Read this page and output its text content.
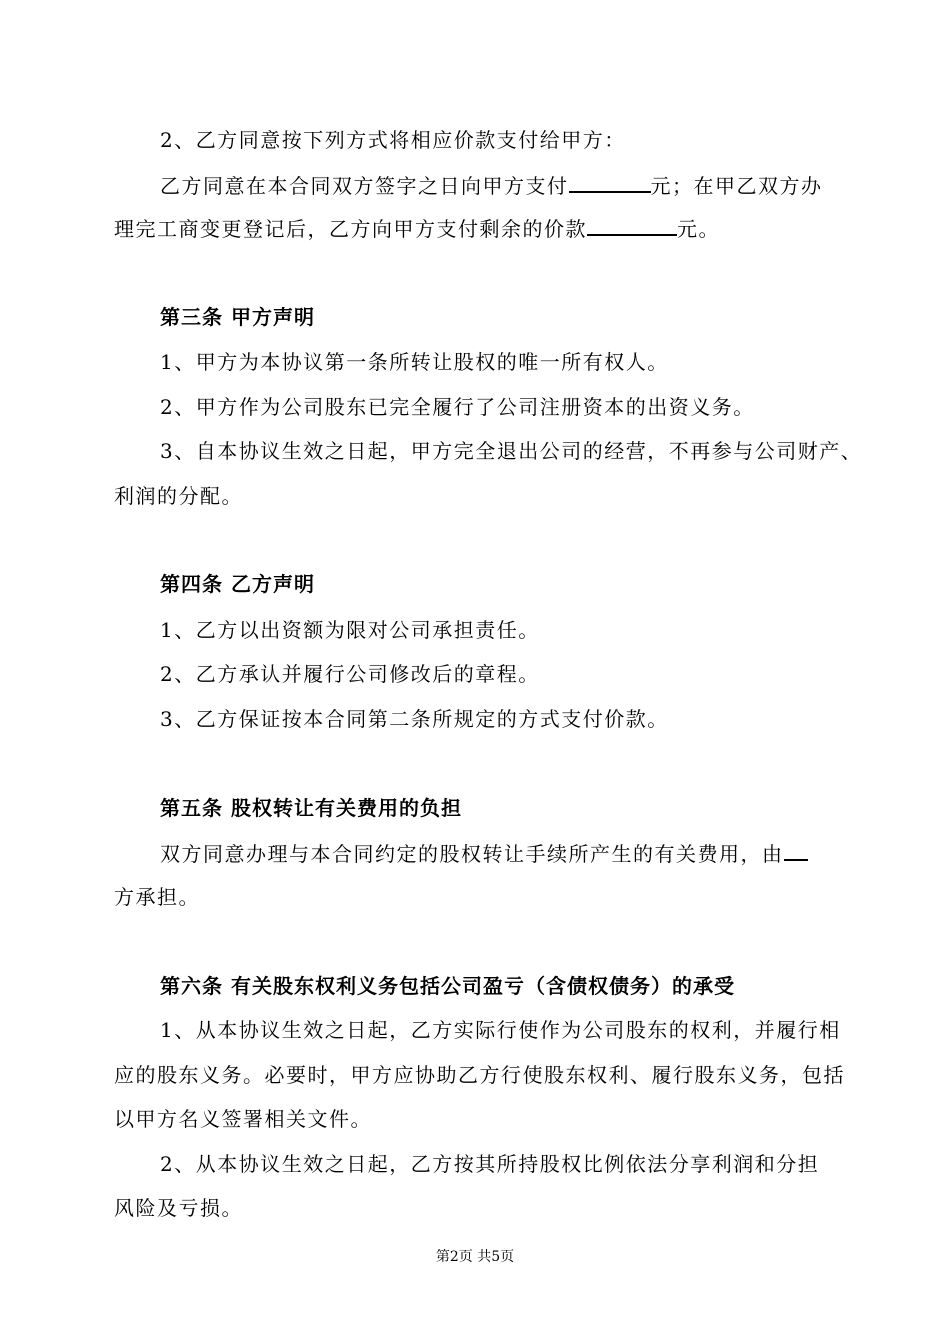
2、乙方同意按下列方式将相应价款支付给甲方：
乙方同意在本合同双方签字之日向甲方支付	元；在甲乙双方办
理完工商变更登记后，乙方向甲方支付剩余的价款	元。
第三条 甲方声明
1、甲方为本协议第一条所转让股权的唯一所有权人。
2、甲方作为公司股东已完全履行了公司注册资本的出资义务。
3、自本协议生效之日起，甲方完全退出公司的经营，不再参与公司财产、
利润的分配。
第四条 乙方声明
1、乙方以出资额为限对公司承担责任。
2、乙方承认并履行公司修改后的章程。
3、乙方保证按本合同第二条所规定的方式支付价款。
第五条 股权转让有关费用的负担
双方同意办理与本合同约定的股权转让手续所产生的有关费用，由
方承担。
第六条 有关股东权利义务包括公司盈亏（含债权债务）的承受
1、从本协议生效之日起，乙方实际行使作为公司股东的权利，并履行相
应的股东义务。必要时，甲方应协助乙方行使股东权利、履行股东义务，包括
以甲方名义签署相关文件。
2、从本协议生效之日起，乙方按其所持股权比例依法分享利润和分担
风险及亏损。
第2页 共5页
